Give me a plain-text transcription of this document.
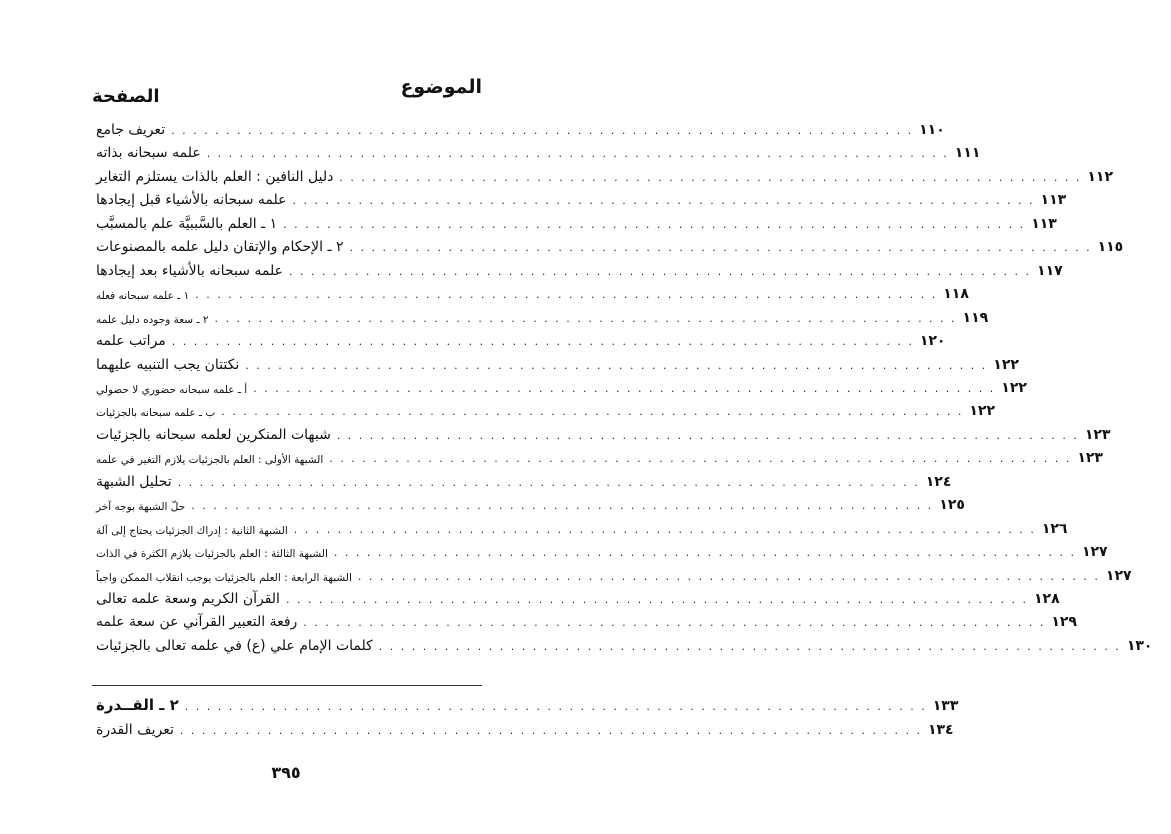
الموضوع
الصفحة
تعريف جامع . . . . . . . . . . . . . . . . . . . . . . . . . . . . . . . . . . . . . . . . . . . . . . . . . . . . . . . . . . . . . . . . . . . . ١١٠
علمه سبحانه بذاته . . . . . . . . . . . . . . . . . . . . . . . . . . . . . . . . . . . . . . . . . . . . . . . . . . . . . . . . . . . . . . . . . . . . ١١١
دليل النافين : العلم بالذات يستلزم التغاير . . . . . . . . . . . . . . . . . . . . . . . . . . . . . . . . . . . . . . . . . . . . . . . . . . . . . . . . . . . . . . . . . . . . ١١٢
علمه سبحانه بالأشياء قبل إيجادها . . . . . . . . . . . . . . . . . . . . . . . . . . . . . . . . . . . . . . . . . . . . . . . . . . . . . . . . . . . . . . . . . . . . ١١٣
١ ـ العلم بالسَّببيَّة علم بالمسبَّب . . . . . . . . . . . . . . . . . . . . . . . . . . . . . . . . . . . . . . . . . . . . . . . . . . . . . . . . . . . . . . . . . . . . ١١٣
٢ ـ الإحكام والإتقان دليل علمه بالمصنوعات . . . . . . . . . . . . . . . . . . . . . . . . . . . . . . . . . . . . . . . . . . . . . . . . . . . . . . . . . . . . . . . . . . . . ١١٥
علمه سبحانه بالأشياء بعد إيجادها . . . . . . . . . . . . . . . . . . . . . . . . . . . . . . . . . . . . . . . . . . . . . . . . . . . . . . . . . . . . . . . . . . . . ١١٧
١ ـ علمه سبحانه فعله . . . . . . . . . . . . . . . . . . . . . . . . . . . . . . . . . . . . . . . . . . . . . . . . . . . . . . . . . . . . . . . . . . . . ١١٨
٢ ـ سعة وجوده دليل علمه . . . . . . . . . . . . . . . . . . . . . . . . . . . . . . . . . . . . . . . . . . . . . . . . . . . . . . . . . . . . . . . . . . . . ١١٩
مراتب علمه . . . . . . . . . . . . . . . . . . . . . . . . . . . . . . . . . . . . . . . . . . . . . . . . . . . . . . . . . . . . . . . . . . . . ١٢٠
نكتتان يجب التنبيه عليهما . . . . . . . . . . . . . . . . . . . . . . . . . . . . . . . . . . . . . . . . . . . . . . . . . . . . . . . . . . . . . . . . . . . . ١٢٢
أ ـ علمه سبحانه حضوري لا حصولي . . . . . . . . . . . . . . . . . . . . . . . . . . . . . . . . . . . . . . . . . . . . . . . . . . . . . . . . . . . . . . . . . . . . ١٢٢
ب ـ علمه سبحانه بالجزئيات . . . . . . . . . . . . . . . . . . . . . . . . . . . . . . . . . . . . . . . . . . . . . . . . . . . . . . . . . . . . . . . . . . . . ١٢٢
شبهات المنكرين لعلمه سبحانه بالجزئيات . . . . . . . . . . . . . . . . . . . . . . . . . . . . . . . . . . . . . . . . . . . . . . . . . . . . . . . . . . . . . . . . . . . . ١٢٣
الشبهة الأولى : العلم بالجزئيات يلازم التغير في علمه . . . . . . . . . . . . . . . . . . . . . . . . . . . . . . . . . . . . . . . . . . . . . . . . . . . . . . . . . . . . . . . . . . . . ١٢٣
تحليل الشبهة . . . . . . . . . . . . . . . . . . . . . . . . . . . . . . . . . . . . . . . . . . . . . . . . . . . . . . . . . . . . . . . . . . . . ١٢٤
حلّ الشبهة بوجه آخر . . . . . . . . . . . . . . . . . . . . . . . . . . . . . . . . . . . . . . . . . . . . . . . . . . . . . . . . . . . . . . . . . . . . ١٢٥
الشبهة الثانية : إدراك الجزئيات يحتاج إلى آلة . . . . . . . . . . . . . . . . . . . . . . . . . . . . . . . . . . . . . . . . . . . . . . . . . . . . . . . . . . . . . . . . . . . . ١٢٦
الشبهة الثالثة : العلم بالجزئيات يلازم الكثرة في الذات . . . . . . . . . . . . . . . . . . . . . . . . . . . . . . . . . . . . . . . . . . . . . . . . . . . . . . . . . . . . . . . . . . . . ١٢٧
الشبهة الرابعة : العلم بالجزئيات يوجب انقلاب الممكن واجباً . . . . . . . . . . . . . . . . . . . . . . . . . . . . . . . . . . . . . . . . . . . . . . . . . . . . . . . . . . . . . . . . . . . . ١٢٧
القرآن الكريم وسعة علمه تعالى . . . . . . . . . . . . . . . . . . . . . . . . . . . . . . . . . . . . . . . . . . . . . . . . . . . . . . . . . . . . . . . . . . . . ١٢٨
رفعة التعبير القرآني عن سعة علمه . . . . . . . . . . . . . . . . . . . . . . . . . . . . . . . . . . . . . . . . . . . . . . . . . . . . . . . . . . . . . . . . . . . . ١٢٩
كلمات الإمام علي (ع) في علمه تعالى بالجزئيات . . . . . . . . . . . . . . . . . . . . . . . . . . . . . . . . . . . . . . . . . . . . . . . . . . . . . . . . . . . . . . . . . . . . ١٣٠
٢ ـ القــدرة . . . . . . . . . . . . . . . . . . . . . . . . . . . . . . . . . . . . . . . . . . . . . . . . . . . . . . . . . . . . . . . . . . . . ١٣٣
تعريف القدرة . . . . . . . . . . . . . . . . . . . . . . . . . . . . . . . . . . . . . . . . . . . . . . . . . . . . . . . . . . . . . . . . . . . . ١٣٤
٣٩٥
